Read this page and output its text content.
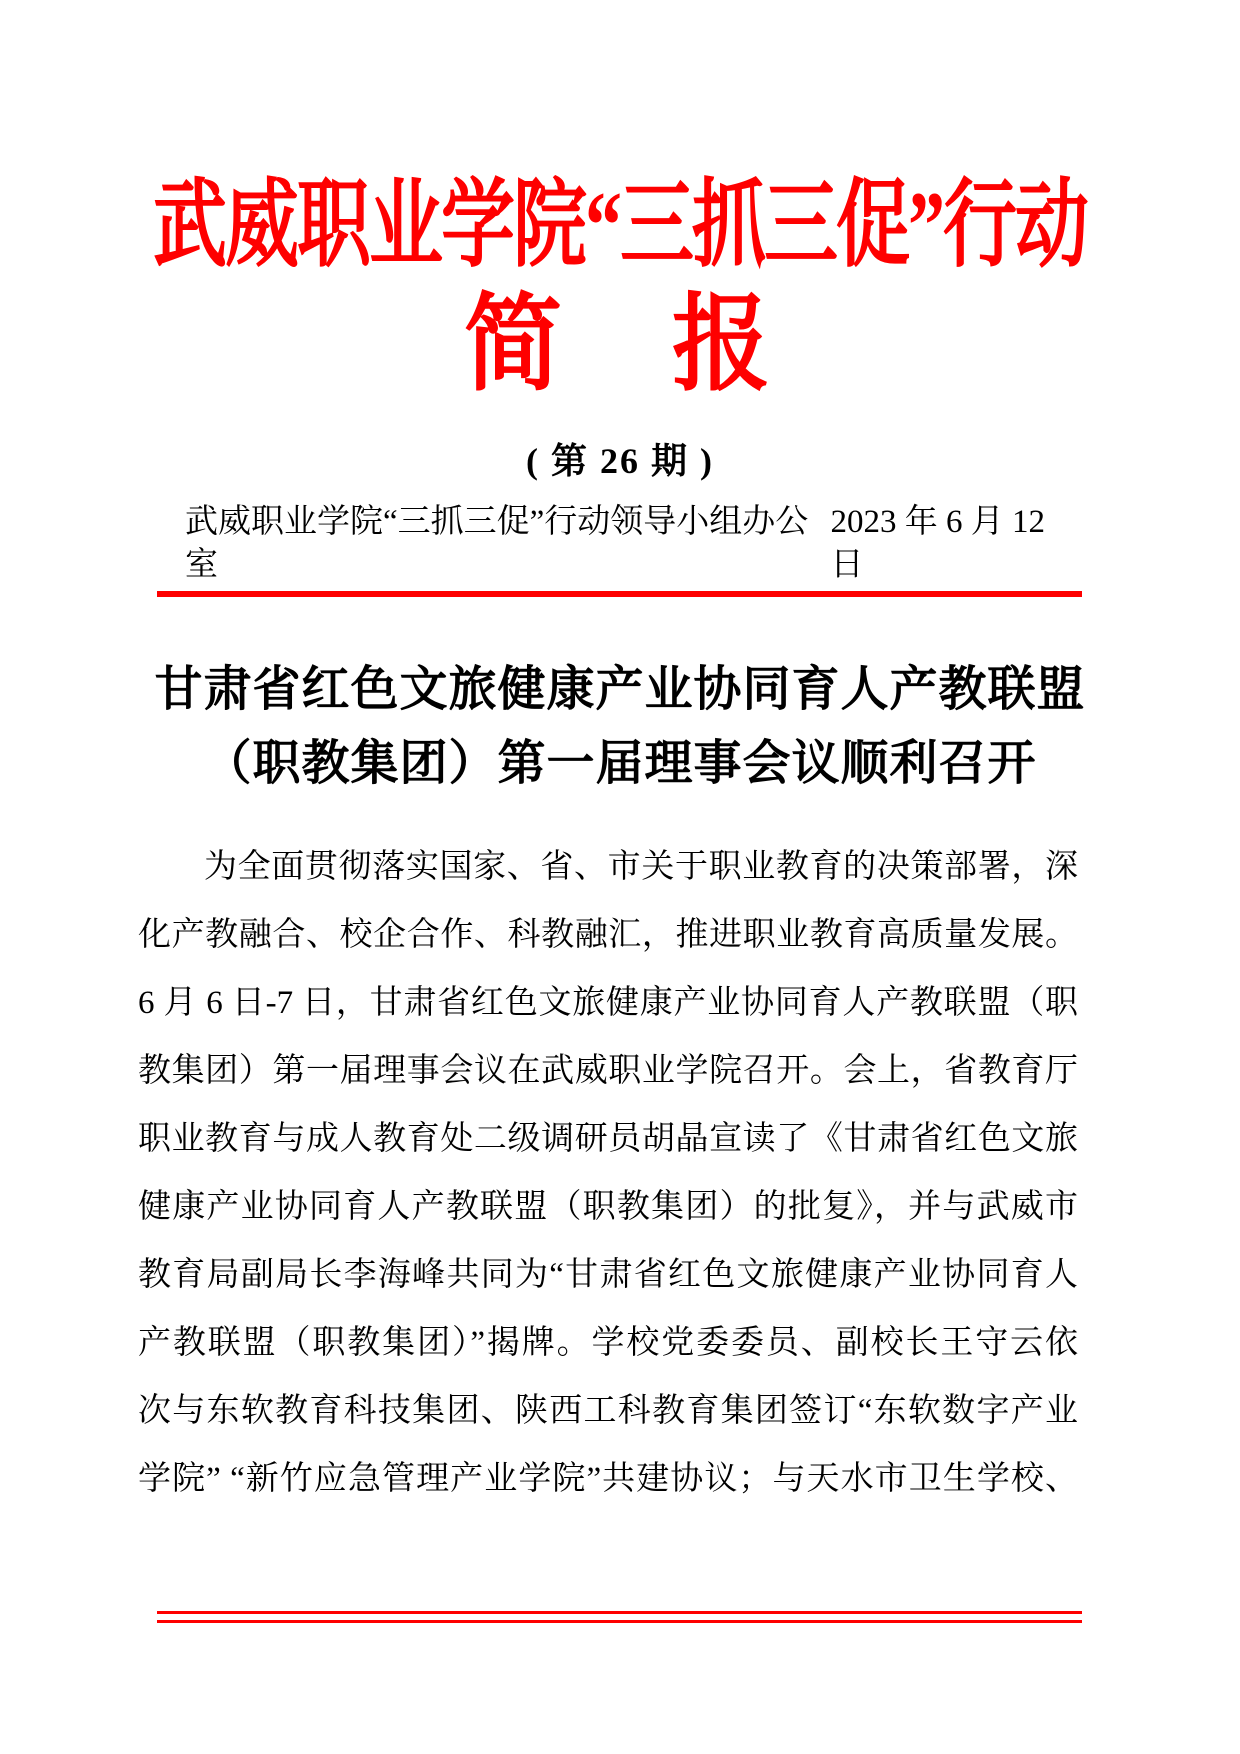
武威职业学院“三抓三促”行动
简　报
( 第 26 期 )
武威职业学院“三抓三促”行动领导小组办公室
2023 年 6 月 12 日
甘肃省红色文旅健康产业协同育人产教联盟
（职教集团）第一届理事会议顺利召开
为全面贯彻落实国家、省、市关于职业教育的决策部署，深
化产教融合、校企合作、科教融汇，推进职业教育高质量发展。
6 月 6 日-7 日，甘肃省红色文旅健康产业协同育人产教联盟（职
教集团）第一届理事会议在武威职业学院召开。会上，省教育厅
职业教育与成人教育处二级调研员胡晶宣读了《甘肃省红色文旅
健康产业协同育人产教联盟（职教集团）的批复》，并与武威市
教育局副局长李海峰共同为“甘肃省红色文旅健康产业协同育人
产教联盟（职教集团）”揭牌。学校党委委员、副校长王守云依
次与东软教育科技集团、陕西工科教育集团签订“东软数字产业
学院” “新竹应急管理产业学院”共建协议；与天水市卫生学校、
